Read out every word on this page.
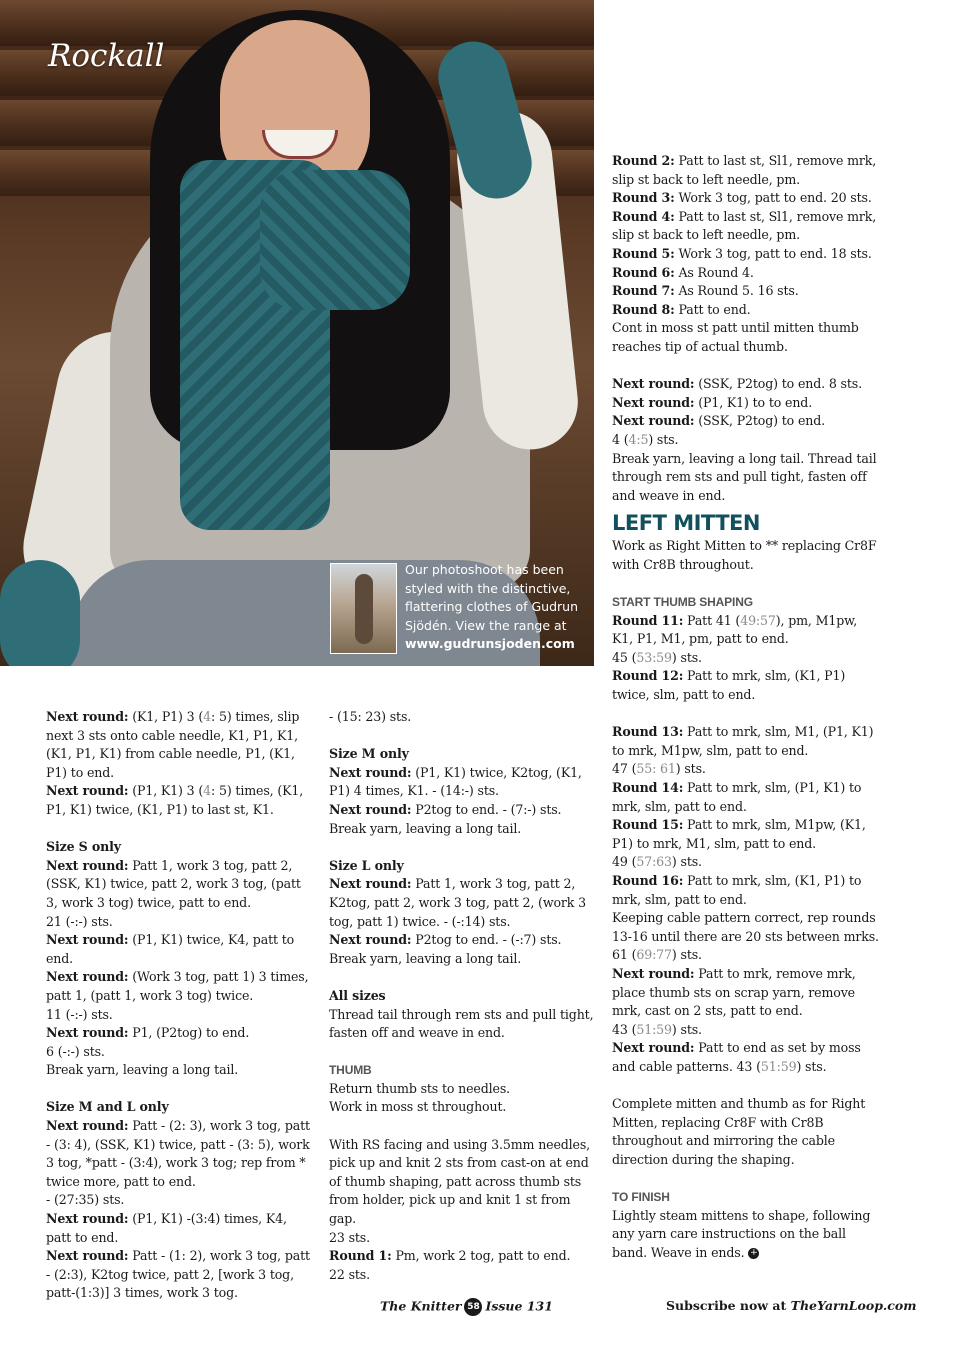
Rockall
Our photoshoot has been styled with the distinctive, flattering clothes of Gudrun Sjödén. View the range at www.gudrunsjoden.com

Next round: (K1, P1) 3 (4: 5) times, slip next 3 sts onto cable needle, K1, P1, K1, (K1, P1, K1) from cable needle, P1, (K1, P1) to end.

Next round: (P1, K1) 3 (4: 5) times, (K1, P1, K1) twice, (K1, P1) to last st, K1.

Size S only

Next round: Patt 1, work 3 tog, patt 2, (SSK, K1) twice, patt 2, work 3 tog, (patt 3, work 3 tog) twice, patt to end.

21 (-:-) sts.

Next round: (P1, K1) twice, K4, patt to end.

Next round: (Work 3 tog, patt 1) 3 times, patt 1, (patt 1, work 3 tog) twice.

11 (-:-) sts.

Next round: P1, (P2tog) to end.

6 (-:-) sts.

Break yarn, leaving a long tail.

Size M and L only

Next round: Patt - (2: 3), work 3 tog, patt - (3: 4), (SSK, K1) twice, patt - (3: 5), work 3 tog, *patt - (3:4), work 3 tog; rep from * twice more, patt to end.

- (27:35) sts.

Next round: (P1, K1) -(3:4) times, K4, patt to end.

Next round: Patt - (1: 2), work 3 tog, patt - (2:3), K2tog twice, patt 2, [work 3 tog, patt-(1:3)] 3 times, work 3 tog.

- (15: 23) sts.

Size M only

Next round: (P1, K1) twice, K2tog, (K1, P1) 4 times, K1. - (14:-) sts.

Next round: P2tog to end. - (7:-) sts.

Break yarn, leaving a long tail.

Size L only

Next round: Patt 1, work 3 tog, patt 2, K2tog, patt 2, work 3 tog, patt 2, (work 3 tog, patt 1) twice. - (-:14) sts.

Next round: P2tog to end. - (-:7) sts.

Break yarn, leaving a long tail.

All sizes

Thread tail through rem sts and pull tight, fasten off and weave in end.

THUMB

Return thumb sts to needles.

Work in moss st throughout.

With RS facing and using 3.5mm needles, pick up and knit 2 sts from cast-on at end of thumb shaping, patt across thumb sts from holder, pick up and knit 1 st from gap.

23 sts.

Round 1: Pm, work 2 tog, patt to end.

22 sts.

Round 2: Patt to last st, Sl1, remove mrk, slip st back to left needle, pm.

Round 3: Work 3 tog, patt to end. 20 sts.

Round 4: Patt to last st, Sl1, remove mrk, slip st back to left needle, pm.

Round 5: Work 3 tog, patt to end. 18 sts.

Round 6: As Round 4.

Round 7: As Round 5. 16 sts.

Round 8: Patt to end.

Cont in moss st patt until mitten thumb reaches tip of actual thumb.

Next round: (SSK, P2tog) to end. 8 sts.

Next round: (P1, K1) to to end.

Next round: (SSK, P2tog) to end.

4 (4:5) sts.

Break yarn, leaving a long tail. Thread tail through rem sts and pull tight, fasten off and weave in end.

LEFT MITTEN

Work as Right Mitten to ** replacing Cr8F with Cr8B throughout.

START THUMB SHAPING

Round 11: Patt 41 (49:57), pm, M1pw, K1, P1, M1, pm, patt to end.

45 (53:59) sts.

Round 12: Patt to mrk, slm, (K1, P1) twice, slm, patt to end.

Round 13: Patt to mrk, slm, M1, (P1, K1) to mrk, M1pw, slm, patt to end.

47 (55: 61) sts.

Round 14: Patt to mrk, slm, (P1, K1) to mrk, slm, patt to end.

Round 15: Patt to mrk, slm, M1pw, (K1, P1) to mrk, M1, slm, patt to end.

49 (57:63) sts.

Round 16: Patt to mrk, slm, (K1, P1) to mrk, slm, patt to end.

Keeping cable pattern correct, rep rounds 13-16 until there are 20 sts between mrks.

61 (69:77) sts.

Next round: Patt to mrk, remove mrk, place thumb sts on scrap yarn, remove mrk, cast on 2 sts, patt to end.

43 (51:59) sts.

Next round: Patt to end as set by moss and cable patterns. 43 (51:59) sts.

Complete mitten and thumb as for Right Mitten, replacing Cr8F with Cr8B throughout and mirroring the cable direction during the shaping.

TO FINISH

Lightly steam mittens to shape, following any yarn care instructions on the ball band. Weave in ends. +

The Knitter 58 Issue 131	Subscribe now at TheYarnLoop.com
